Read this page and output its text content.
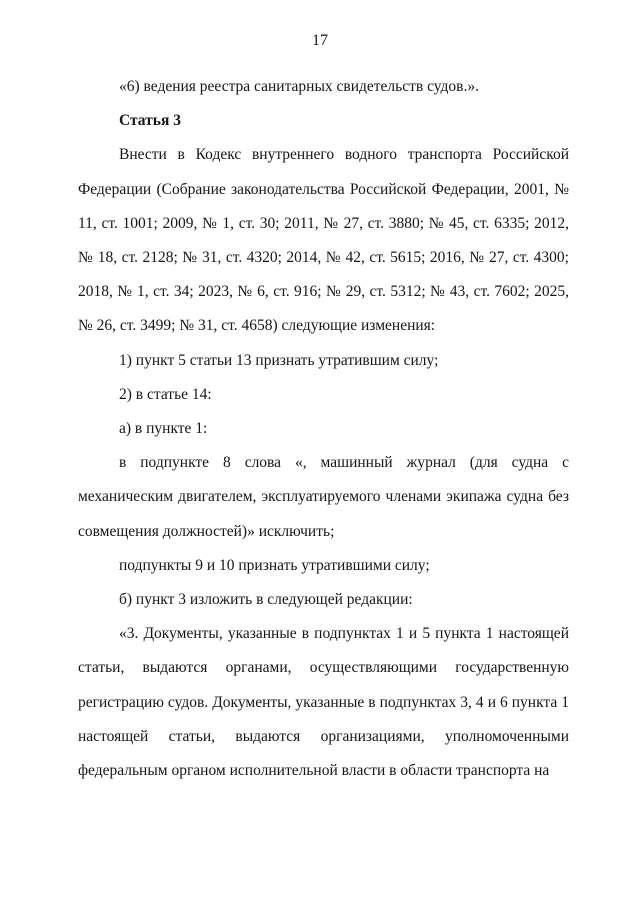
17

«6) ведения реестра санитарных свидетельств судов.».

Статья 3

Внести в Кодекс внутреннего водного транспорта Российской Федерации (Собрание законодательства Российской Федерации, 2001, № 11, ст. 1001; 2009, № 1, ст. 30; 2011, № 27, ст. 3880; № 45, ст. 6335; 2012, № 18, ст. 2128; № 31, ст. 4320; 2014, № 42, ст. 5615; 2016, № 27, ст. 4300; 2018, № 1, ст. 34; 2023, № 6, ст. 916; № 29, ст. 5312; № 43, ст. 7602; 2025, № 26, ст. 3499; № 31, ст. 4658) следующие изменения:

1) пункт 5 статьи 13 признать утратившим силу;

2) в статье 14:

а) в пункте 1:

в подпункте 8 слова «, машинный журнал (для судна с механическим двигателем, эксплуатируемого членами экипажа судна без совмещения должностей)» исключить;

подпункты 9 и 10 признать утратившими силу;

б) пункт 3 изложить в следующей редакции:

«3. Документы, указанные в подпунктах 1 и 5 пункта 1 настоящей статьи, выдаются органами, осуществляющими государственную регистрацию судов. Документы, указанные в подпунктах 3, 4 и 6 пункта 1 настоящей статьи, выдаются организациями, уполномоченными федеральным органом исполнительной власти в области транспорта на
